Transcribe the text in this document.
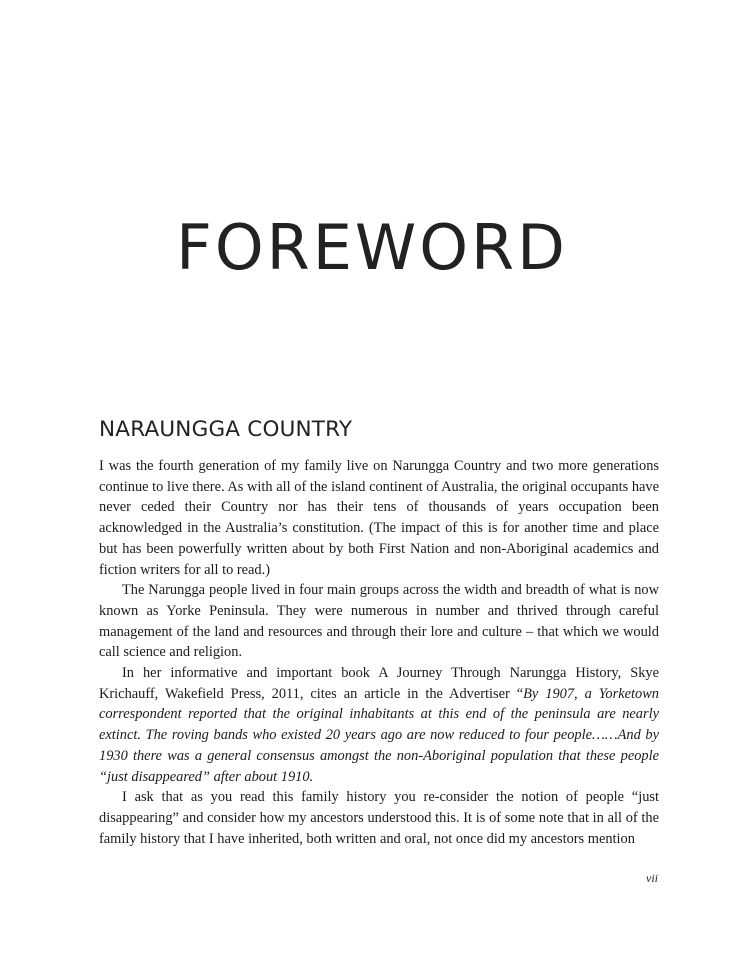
FOREWORD
NARAUNGGA COUNTRY

I was the fourth generation of my family live on Narungga Country and two more generations continue to live there. As with all of the island continent of Australia, the original occupants have never ceded their Country nor has their tens of thousands of years occupation been acknowledged in the Australia’s constitution. (The impact of this is for another time and place but has been powerfully written about by both First Nation and non-Aboriginal academics and fiction writers for all to read.)

The Narungga people lived in four main groups across the width and breadth of what is now known as Yorke Peninsula. They were numerous in number and thrived through careful management of the land and resources and through their lore and culture – that which we would call science and religion.

In her informative and important book A Journey Through Narungga History, Skye Krichauff, Wakefield Press, 2011, cites an article in the Advertiser “By 1907, a Yorketown correspondent reported that the original inhabitants at this end of the peninsula are nearly extinct. The roving bands who existed 20 years ago are now reduced to four people……And by 1930 there was a general consensus amongst the non-Aboriginal population that these people “just disappeared” after about 1910.

I ask that as you read this family history you re-consider the notion of people “just disappearing” and consider how my ancestors understood this. It is of some note that in all of the family history that I have inherited, both written and oral, not once did my ancestors mention

vii
